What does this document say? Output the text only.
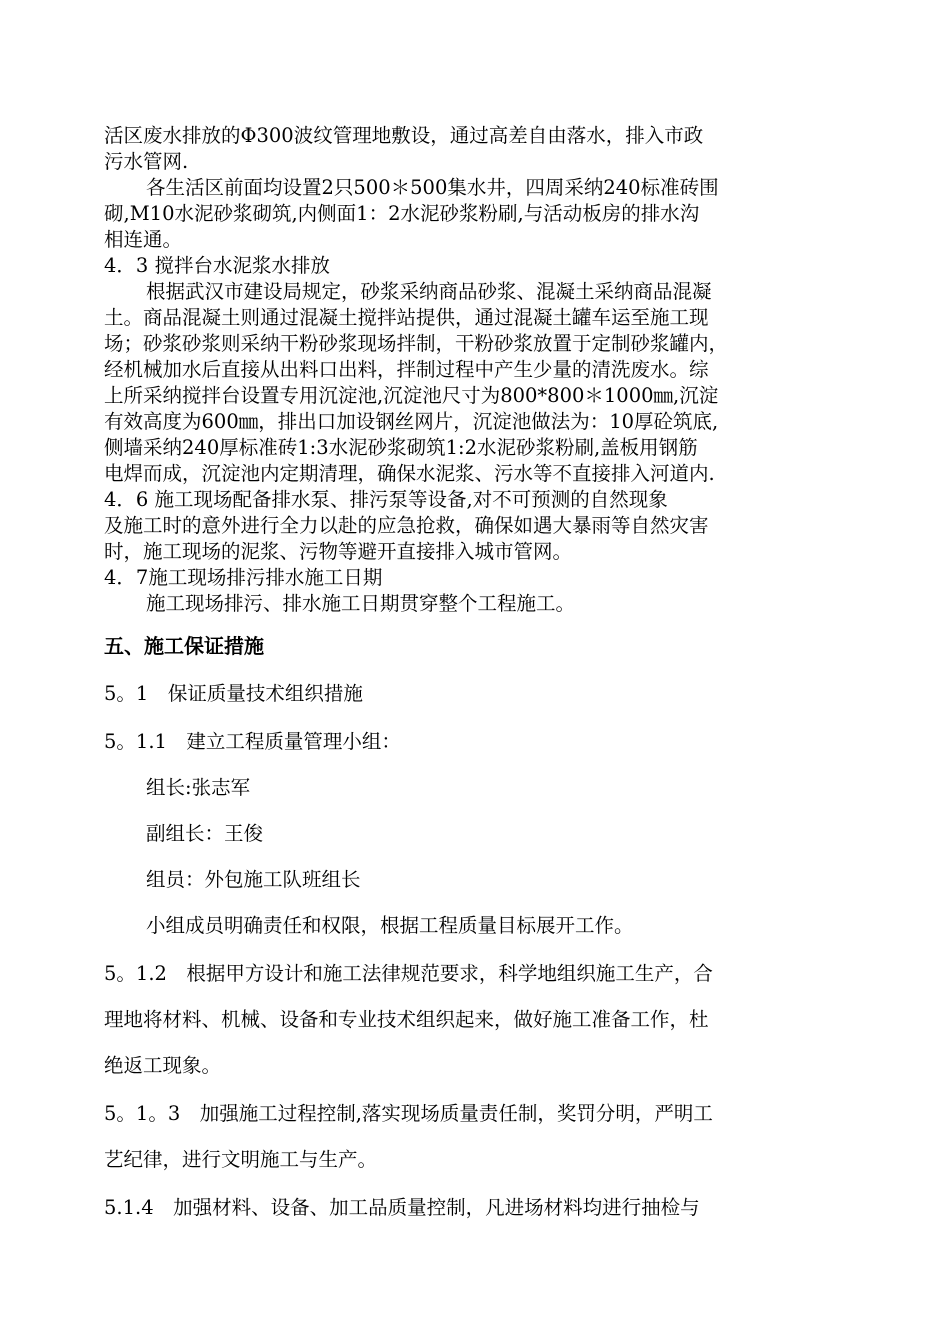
活区废水排放的Φ300波纹管理地敷设，通过高差自由落水，排入市政
污水管网.
各生活区前面均设置2只500＊500集水井，四周采纳240标准砖围
砌,M10水泥砂浆砌筑,内侧面1：2水泥砂浆粉刷,与活动板房的排水沟
相连通。
4．3 搅拌台水泥浆水排放
根据武汉市建设局规定，砂浆采纳商品砂浆、混凝土采纳商品混凝
土。商品混凝土则通过混凝土搅拌站提供，通过混凝土罐车运至施工现
场；砂浆砂浆则采纳干粉砂浆现场拌制，干粉砂浆放置于定制砂浆罐内，
经机械加水后直接从出料口出料，拌制过程中产生少量的清洗废水。综
上所采纳搅拌台设置专用沉淀池,沉淀池尺寸为800*800＊1000㎜,沉淀
有效高度为600㎜，排出口加设钢丝网片，沉淀池做法为：10厚砼筑底,
侧墙采纳240厚标准砖1:3水泥砂浆砌筑1:2水泥砂浆粉刷,盖板用钢筋
电焊而成，沉淀池内定期清理，确保水泥浆、污水等不直接排入河道内.
4．6 施工现场配备排水泵、排污泵等设备,对不可预测的自然现象
及施工时的意外进行全力以赴的应急抢救，确保如遇大暴雨等自然灾害
时，施工现场的泥浆、污物等避开直接排入城市管网。
4．7施工现场排污排水施工日期
施工现场排污、排水施工日期贯穿整个工程施工。
五、施工保证措施
5。1　保证质量技术组织措施
5。1.1　建立工程质量管理小组：
组长:张志军
副组长：王俊
组员：外包施工队班组长
小组成员明确责任和权限，根据工程质量目标展开工作。
5。1.2　根据甲方设计和施工法律规范要求，科学地组织施工生产，合
理地将材料、机械、设备和专业技术组织起来，做好施工准备工作，杜
绝返工现象。
5。1。3　加强施工过程控制,落实现场质量责任制，奖罚分明，严明工
艺纪律，进行文明施工与生产。
5.1.4　加强材料、设备、加工品质量控制，凡进场材料均进行抽检与
